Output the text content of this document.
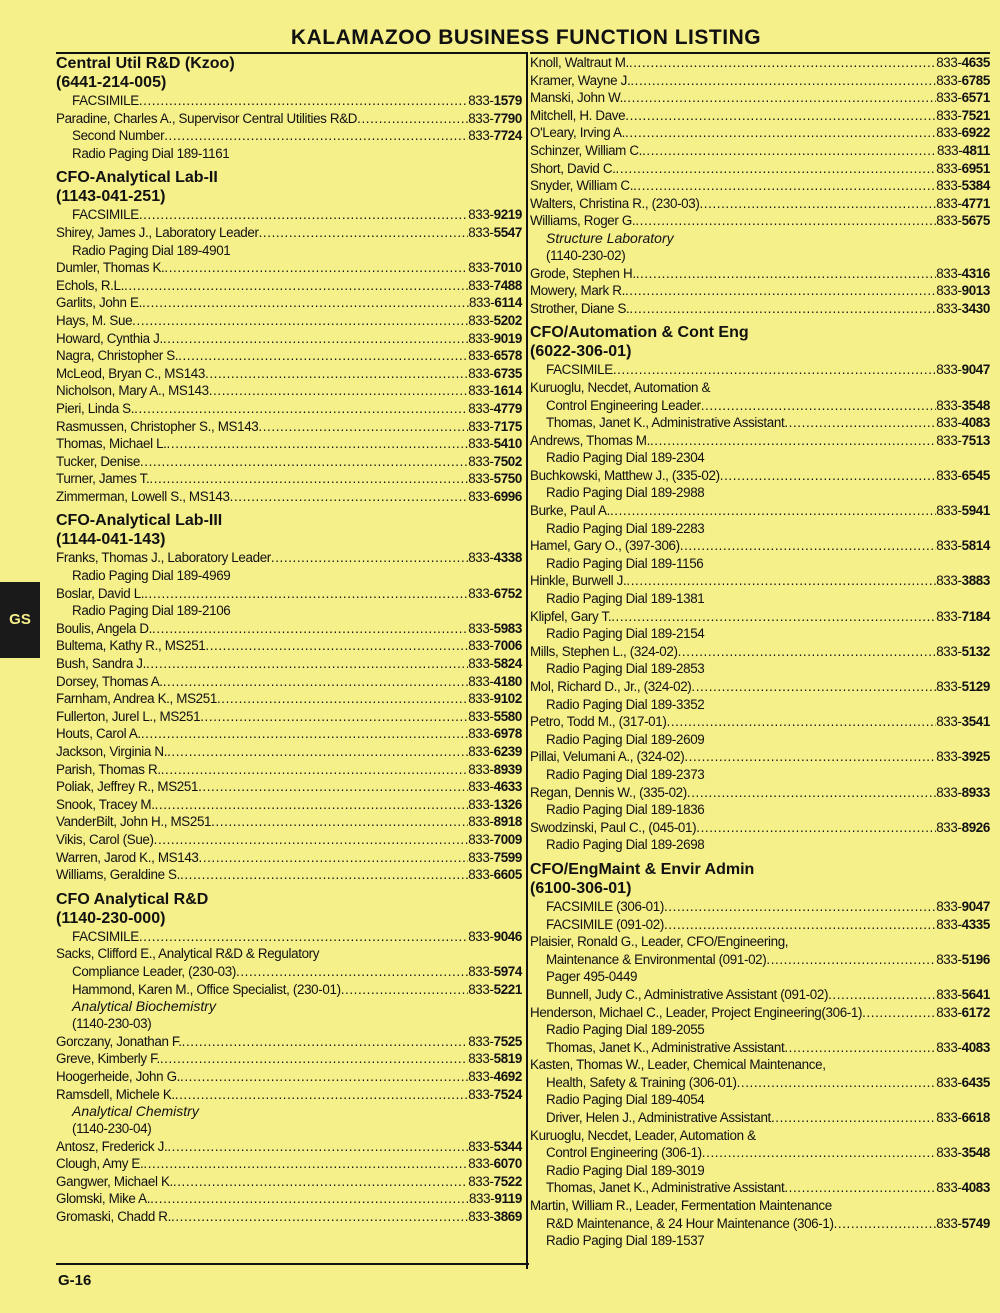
KALAMAZOO BUSINESS FUNCTION LISTING
Central Util R&D (Kzoo)
(6441-214-005)
FACSIMILE .....	833-1579
Paradine, Charles A., Supervisor Central Utilities R&D .....	833-7790
Second Number .....	833-7724
Radio Paging Dial 189-1161
CFO-Analytical Lab-II
(1143-041-251)
FACSIMILE .....	833-9219
Shirey, James J., Laboratory Leader .....	833-5547
Radio Paging Dial 189-4901
Dumler, Thomas K. .....	833-7010
Echols, R.L. .....	833-7488
Garlits, John E. .....	833-6114
Hays, M. Sue .....	833-5202
Howard, Cynthia J. .....	833-9019
Nagra, Christopher S. .....	833-6578
McLeod, Bryan C., MS143 .....	833-6735
Nicholson, Mary A., MS143 .....	833-1614
Pieri, Linda S. .....	833-4779
Rasmussen, Christopher S., MS143 .....	833-7175
Thomas, Michael L. .....	833-5410
Tucker, Denise .....	833-7502
Turner, James T. .....	833-5750
Zimmerman, Lowell S., MS143 .....	833-6996
CFO-Analytical Lab-III
(1144-041-143)
Franks, Thomas J., Laboratory Leader .....	833-4338
Radio Paging Dial 189-4969
Boslar, David L. .....	833-6752
Radio Paging Dial 189-2106
Boulis, Angela D. .....	833-5983
Bultema, Kathy R., MS251 .....	833-7006
Bush, Sandra J. .....	833-5824
Dorsey, Thomas A. .....	833-4180
Farnham, Andrea K., MS251 .....	833-9102
Fullerton, Jurel L., MS251 .....	833-5580
Houts, Carol A. .....	833-6978
Jackson, Virginia N. .....	833-6239
Parish, Thomas R. .....	833-8939
Poliak, Jeffrey R., MS251 .....	833-4633
Snook, Tracey M. .....	833-1326
VanderBilt, John H., MS251 .....	833-8918
Vikis, Carol (Sue) .....	833-7009
Warren, Jarod K., MS143 .....	833-7599
Williams, Geraldine S. .....	833-6605
CFO Analytical R&D
(1140-230-000)
FACSIMILE .....	833-9046
Sacks, Clifford E., Analytical R&D & Regulatory
Compliance Leader, (230-03) .....	833-5974
Hammond, Karen M., Office Specialist, (230-01) .....	833-5221
Analytical Biochemistry
(1140-230-03)
Gorczany, Jonathan F. .....	833-7525
Greve, Kimberly F. .....	833-5819
Hoogerheide, John G. .....	833-4692
Ramsdell, Michele K. .....	833-7524
Analytical Chemistry
(1140-230-04)
Antosz, Frederick J. .....	833-5344
Clough, Amy E. .....	833-6070
Gangwer, Michael K. .....	833-7522
Glomski, Mike A. .....	833-9119
Gromaski, Chadd R. .....	833-3869
Knoll, Waltraut M. .....	833-4635
Kramer, Wayne J. .....	833-6785
Manski, John W. .....	833-6571
Mitchell, H. Dave .....	833-7521
O'Leary, Irving A. .....	833-6922
Schinzer, William C. .....	833-4811
Short, David C. .....	833-6951
Snyder, William C. .....	833-5384
Walters, Christina R., (230-03) .....	833-4771
Williams, Roger G. .....	833-5675
Structure Laboratory
(1140-230-02)
Grode, Stephen H. .....	833-4316
Mowery, Mark R. .....	833-9013
Strother, Diane S. .....	833-3430
CFO/Automation & Cont Eng
(6022-306-01)
FACSIMILE .....	833-9047
Kuruoglu, Necdet, Automation &
Control Engineering Leader .....	833-3548
Thomas, Janet K., Administrative Assistant .....	833-4083
Andrews, Thomas M. .....	833-7513
Radio Paging Dial 189-2304
Buchkowski, Matthew J., (335-02) .....	833-6545
Radio Paging Dial 189-2988
Burke, Paul A. .....	833-5941
Radio Paging Dial 189-2283
Hamel, Gary O., (397-306) .....	833-5814
Radio Paging Dial 189-1156
Hinkle, Burwell J. .....	833-3883
Radio Paging Dial 189-1381
Klipfel, Gary T. .....	833-7184
Radio Paging Dial 189-2154
Mills, Stephen L., (324-02) .....	833-5132
Radio Paging Dial 189-2853
Mol, Richard D., Jr., (324-02) .....	833-5129
Radio Paging Dial 189-3352
Petro, Todd M., (317-01) .....	833-3541
Radio Paging Dial 189-2609
Pillai, Velumani A., (324-02) .....	833-3925
Radio Paging Dial 189-2373
Regan, Dennis W., (335-02) .....	833-8933
Radio Paging Dial 189-1836
Swodzinski, Paul C., (045-01) .....	833-8926
Radio Paging Dial 189-2698
CFO/EngMaint & Envir Admin
(6100-306-01)
FACSIMILE (306-01) .....	833-9047
FACSIMILE (091-02) .....	833-4335
Plaisier, Ronald G., Leader, CFO/Engineering,
Maintenance & Environmental (091-02) .....	833-5196
Pager 495-0449
Bunnell, Judy C., Administrative Assistant (091-02) .....	833-5641
Henderson, Michael C., Leader, Project Engineering(306-1) .....	833-6172
Radio Paging Dial 189-2055
Thomas, Janet K., Administrative Assistant .....	833-4083
Kasten, Thomas W., Leader, Chemical Maintenance,
Health, Safety & Training (306-01) .....	833-6435
Radio Paging Dial 189-4054
Driver, Helen J., Administrative Assistant .....	833-6618
Kuruoglu, Necdet, Leader, Automation &
Control Engineering (306-1) .....	833-3548
Radio Paging Dial 189-3019
Thomas, Janet K., Administrative Assistant .....	833-4083
Martin, William R., Leader, Fermentation Maintenance
R&D Maintenance, & 24 Hour Maintenance (306-1) .....	833-5749
Radio Paging Dial 189-1537
GS
G-16
